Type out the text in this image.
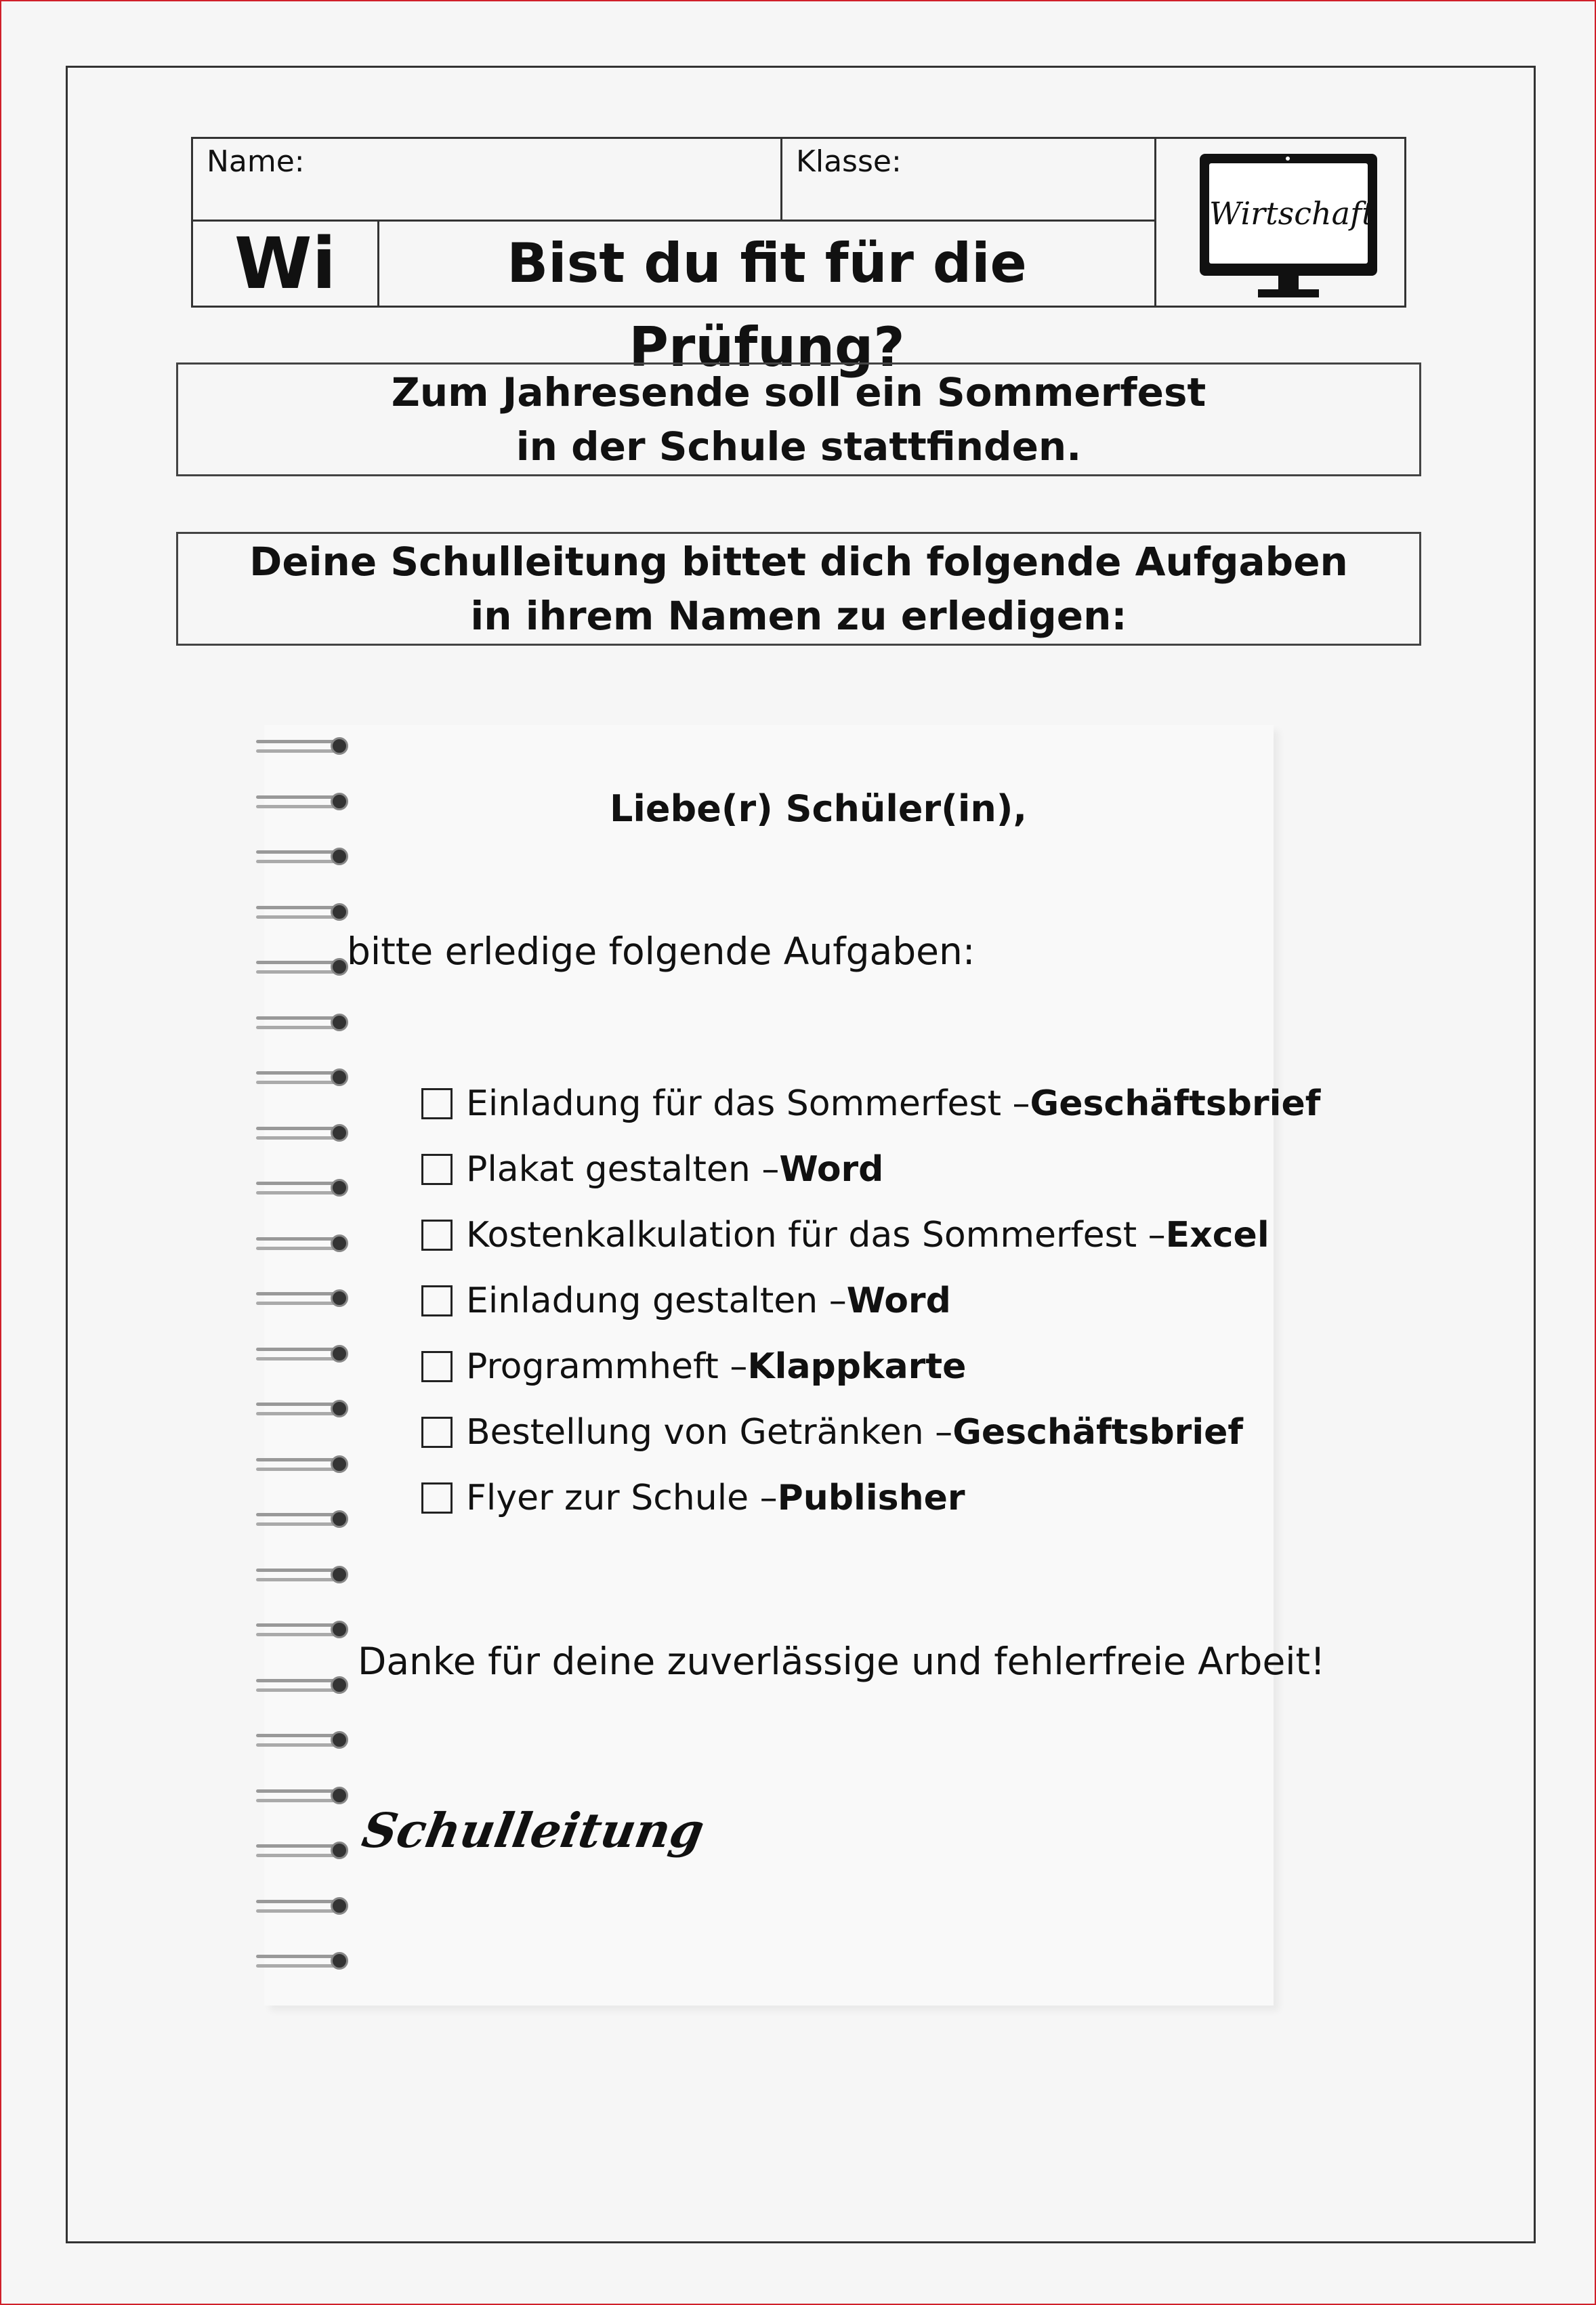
Name:	Klasse:
Wi	Bist du fit für die Prüfung?
Wirtschaft
Zum Jahresende soll ein Sommerfest
in der Schule stattfinden.
Deine Schulleitung bittet dich folgende Aufgaben
in ihrem Namen zu erledigen:
Liebe(r) Schüler(in),
bitte erledige folgende Aufgaben:
Einladung für das Sommerfest – Geschäftsbrief
Plakat gestalten – Word
Kostenkalkulation für das Sommerfest – Excel
Einladung gestalten – Word
Programmheft – Klappkarte
Bestellung von Getränken – Geschäftsbrief
Flyer zur Schule – Publisher
Danke für deine zuverlässige und fehlerfreie Arbeit!
Schulleitung
